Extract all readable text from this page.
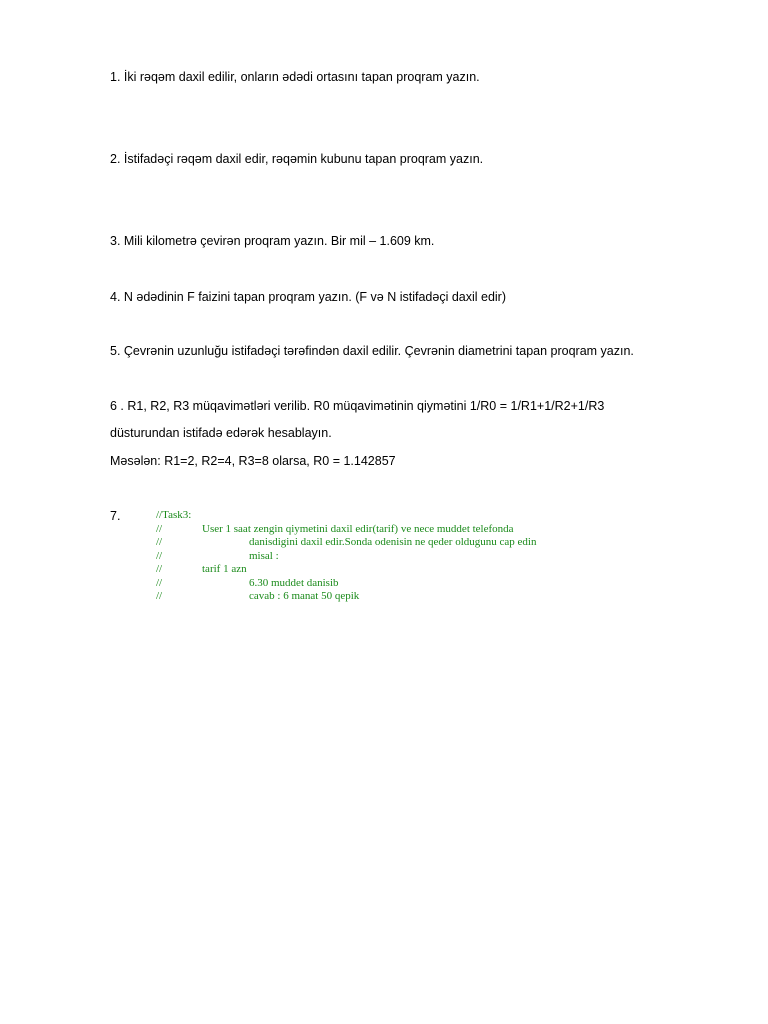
1. İki rəqəm daxil edilir, onların ədədi ortasını tapan proqram yazın.
2. İstifadəçi rəqəm daxil edir, rəqəmin kubunu tapan proqram yazın.
3. Mili kilometrə çevirən proqram yazın. Bir mil – 1.609 km.
4. N ədədinin F faizini tapan proqram yazın. (F və N istifadəçi daxil edir)
5. Çevrənin uzunluğu istifadəçi tərəfindən daxil edilir. Çevrənin diametrini tapan proqram yazın.
6 . R1, R2, R3 müqavimətləri verilib. R0 müqavimətinin qiymətini 1/R0 = 1/R1+1/R2+1/R3
düsturundan istifadə edərək hesablayın.
Məsələn: R1=2, R2=4, R3=8 olarsa, R0 = 1.142857
7.	//Task3:
//	User 1 saat zengin qiymetini daxil edir(tarif) ve nece muddet telefonda
//	danisdigini daxil edir.Sonda odenisin ne qeder oldugunu cap edin
//	misal :
//	tarif 1 azn
//	6.30 muddet danisib
//	cavab : 6 manat 50 qepik
